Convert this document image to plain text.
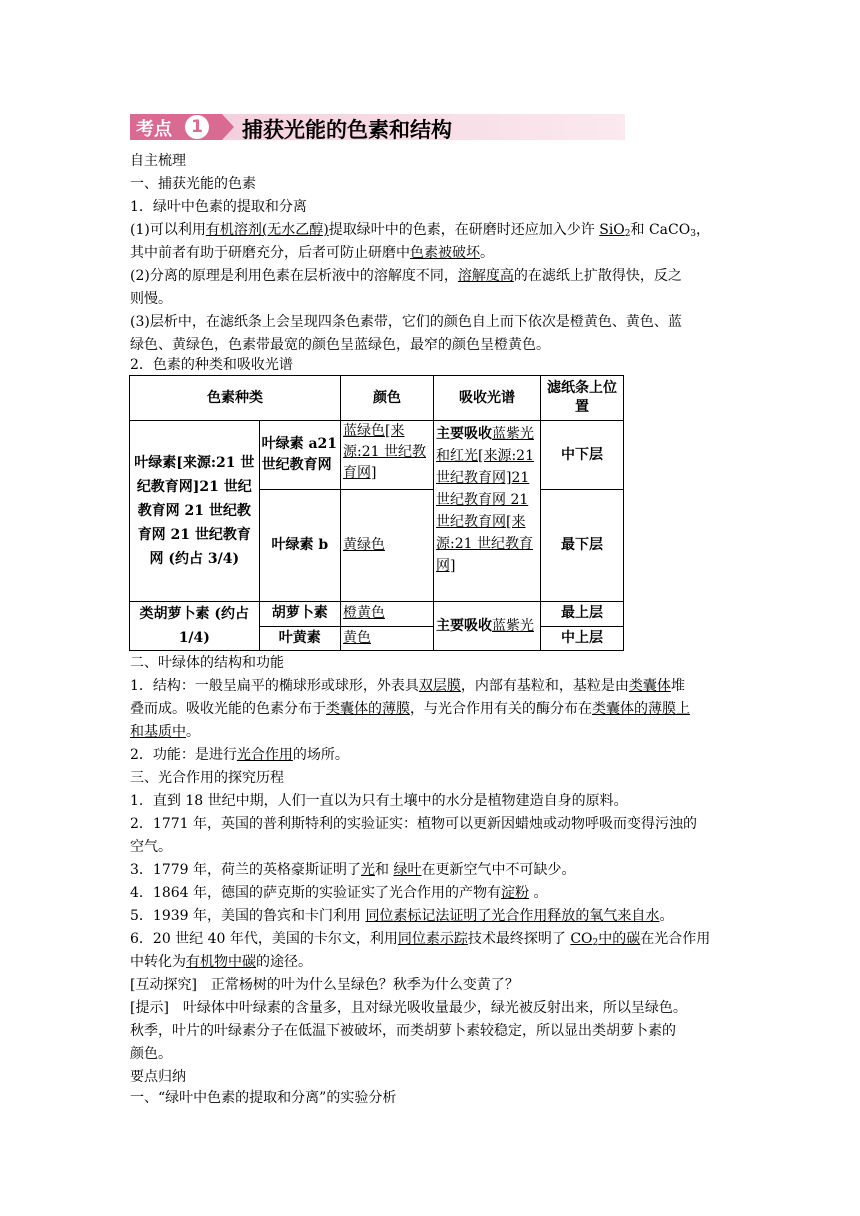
考点	1 捕获光能的色素和结构
自主梳理
一、捕获光能的色素
1．绿叶中色素的提取和分离
(1)可以利用有机溶剂(无水乙醇)提取绿叶中的色素，在研磨时还应加入少许 SiO$_2$和 CaCO$_3$，
其中前者有助于研磨充分，后者可防止研磨中色素被破坏。
(2)分离的原理是利用色素在层析液中的溶解度不同，溶解度高的在滤纸上扩散得快，反之
则慢。
(3)层析中，在滤纸条上会呈现四条色素带，它们的颜色自上而下依次是橙黄色、黄色、蓝
绿色、黄绿色，色素带最宽的颜色呈蓝绿色，最窄的颜色呈橙黄色。
2．色素的种类和吸收光谱
色素种类		颜色	吸收光谱	滤纸条上位置
叶绿素[来源:21 世纪教育网]21 世纪教育网 21 世纪教育网 21 世纪教育网 (约占 3/4)	叶绿素 a21 世纪教育网	蓝绿色[来源:21 世纪教育网]	主要吸收蓝紫光和红光[来源:21 世纪教育网]21 世纪教育网 21 世纪教育网[来源:21 世纪教育网]	中下层
	叶绿素 b	黄绿色		最下层
类胡萝卜素 (约占 1/4)	胡萝卜素	橙黄色	主要吸收蓝紫光	最上层
	叶黄素	黄色		中上层
二、叶绿体的结构和功能
1．结构：一般呈扁平的椭球形或球形，外表具双层膜，内部有基粒和，基粒是由类囊体堆
叠而成。吸收光能的色素分布于类囊体的薄膜，与光合作用有关的酶分布在类囊体的薄膜上
和基质中。
2．功能：是进行光合作用的场所。
三、光合作用的探究历程
1．直到 18 世纪中期，人们一直以为只有土壤中的水分是植物建造自身的原料。
2．1771 年，英国的普利斯特利的实验证实：植物可以更新因蜡烛或动物呼吸而变得污浊的
空气。
3．1779 年，荷兰的英格豪斯证明了光和 绿叶在更新空气中不可缺少。
4．1864 年，德国的萨克斯的实验证实了光合作用的产物有淀粉 。
5．1939 年，美国的鲁宾和卡门利用 同位素标记法证明了光合作用释放的氧气来自水。
6．20 世纪 40 年代，美国的卡尔文，利用同位素示踪技术最终探明了 $CO_2$中的碳在光合作用
中转化为有机物中碳的途径。
[互动探究]　正常杨树的叶为什么呈绿色？秋季为什么变黄了？
[提示]　叶绿体中叶绿素的含量多，且对绿光吸收量最少，绿光被反射出来，所以呈绿色。
秋季，叶片的叶绿素分子在低温下被破坏，而类胡萝卜素较稳定，所以显出类胡萝卜素的
颜色。
要点归纳
一、“绿叶中色素的提取和分离”的实验分析
